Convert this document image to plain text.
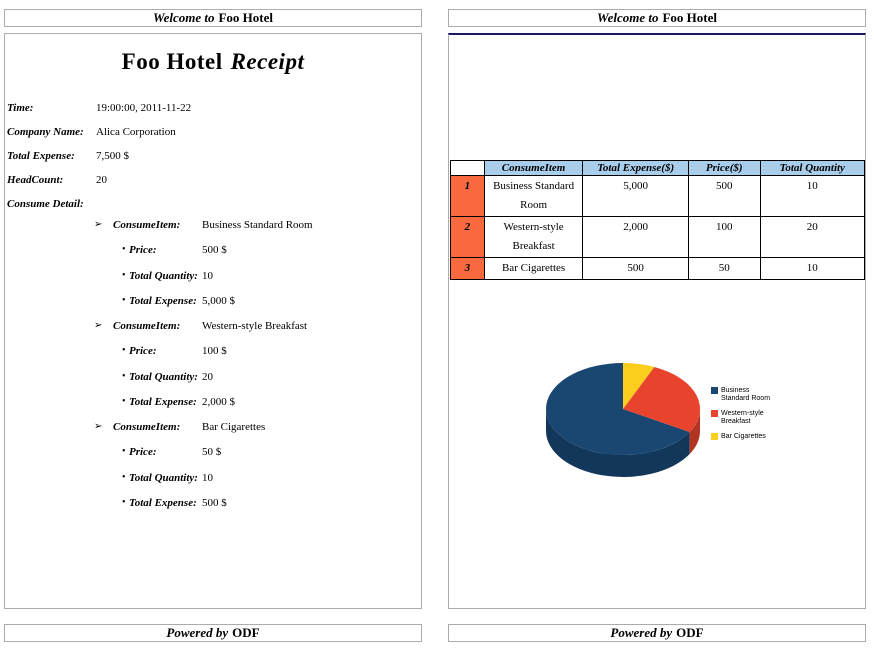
Welcome to Foo Hotel
Foo Hotel Receipt
Time:	19:00:00, 2011-11-22
Company Name: Alica Corporation
Total Expense: 7,500 $
HeadCount:	20
Consume Detail:
➢ ConsumeItem: Business Standard Room
• Price:	500 $
• Total Quantity: 10
• Total Expense: 5,000 $
➢ ConsumeItem: Western-style Breakfast
• Price:	100 $
• Total Quantity: 20
• Total Expense: 2,000 $
➢ ConsumeItem: Bar Cigarettes
• Price:	50 $
• Total Quantity: 10
• Total Expense: 500 $
Powered by ODF
Welcome to Foo Hotel
	ConsumeItem	Total Expense($)	Price($)	Total Quantity
1	Business Standard Room	5,000	500	10
2	Western-style Breakfast	2,000	100	20
3	Bar Cigarettes	500	50	10
Business
Standard Room
Western-style
Breakfast
Bar Cigarettes
Powered by ODF
